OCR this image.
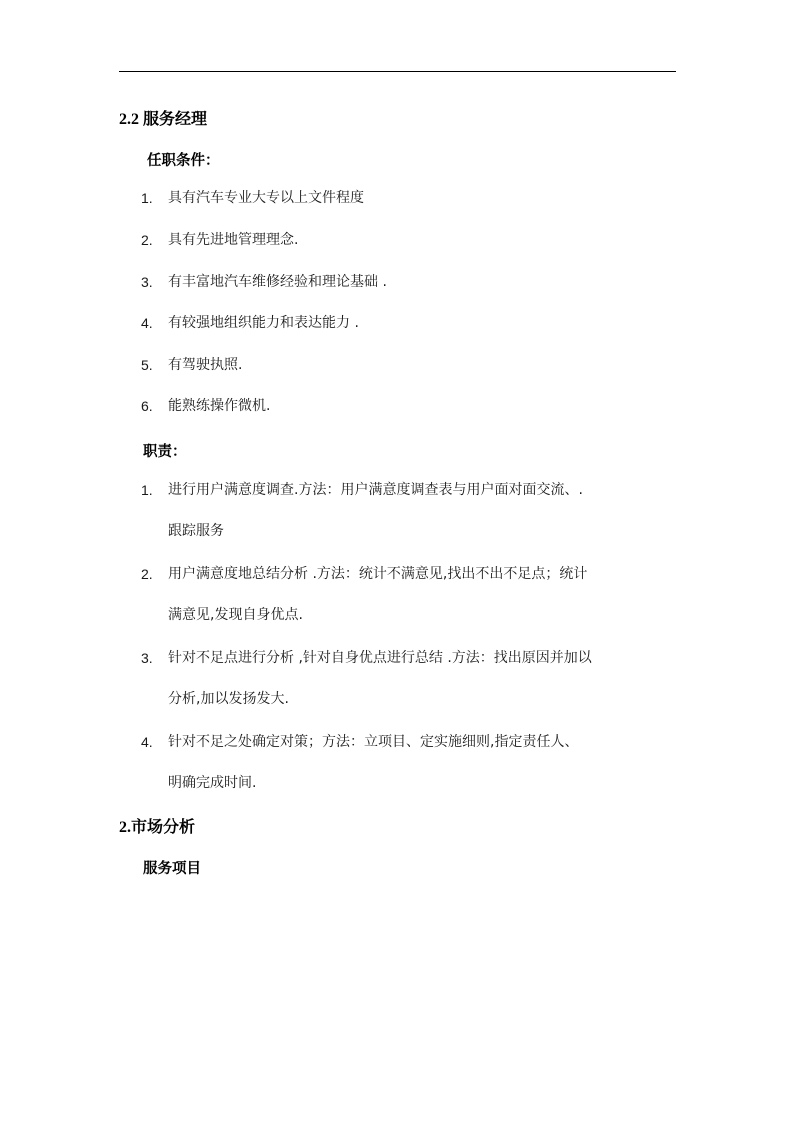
2.2 服务经理
任职条件：
1. 具有汽车专业大专以上文件程度
2. 具有先进地管理理念.
3. 有丰富地汽车维修经验和理论基础 .
4. 有较强地组织能力和表达能力 .
5. 有驾驶执照.
6. 能熟练操作微机.
职责：
1. 进行用户满意度调查.方法：用户满意度调查表与用户面对面交流、.
跟踪服务
2. 用户满意度地总结分析 .方法：统计不满意见,找出不出不足点；统计
满意见,发现自身优点.
3. 针对不足点进行分析 ,针对自身优点进行总结 .方法：找出原因并加以
分析,加以发扬发大.
4. 针对不足之处确定对策；方法：立项目、定实施细则,指定责任人、
明确完成时间.
2.市场分析
服务项目
